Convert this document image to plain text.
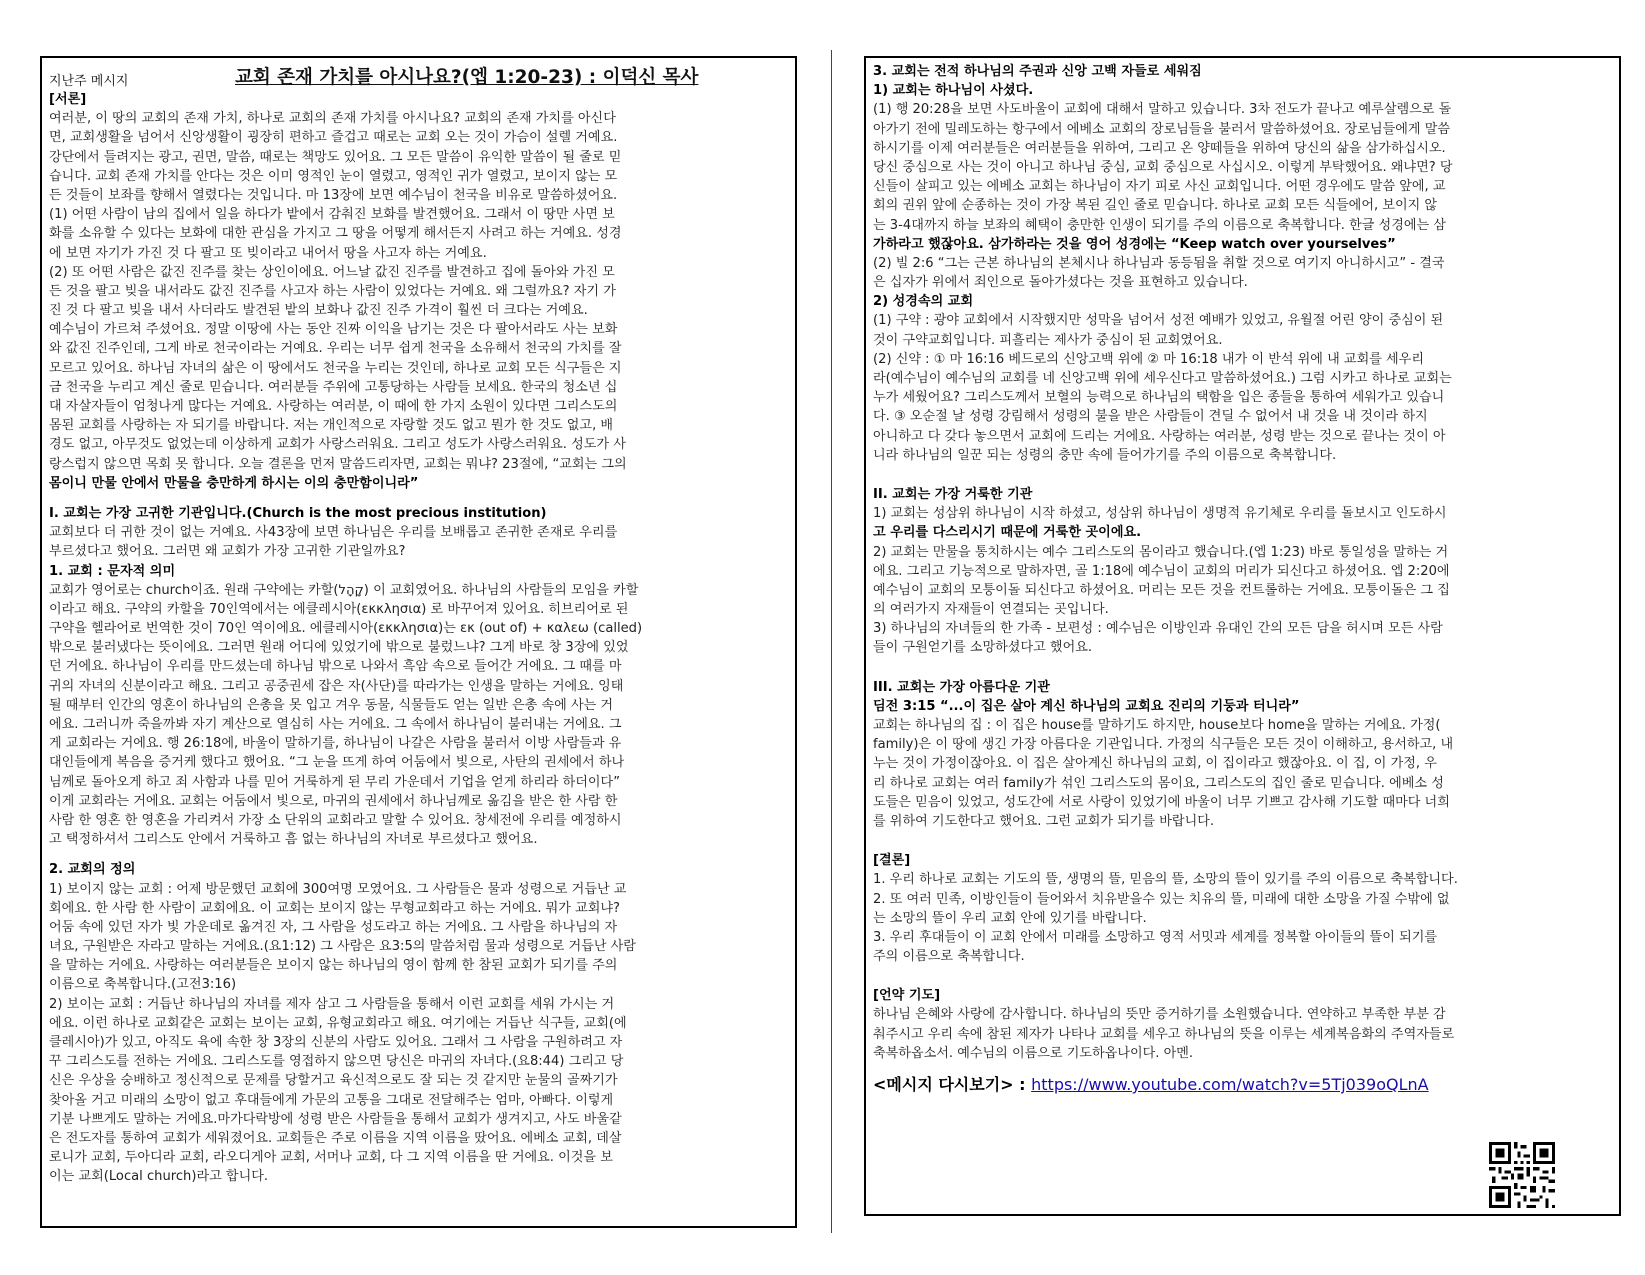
지난주 메시지	교회 존재 가치를 아시나요?(엡 1:20-23) : 이덕신 목사
[서론]
여러분, 이 땅의 교회의 존재 가치, 하나로 교회의 존재 가치를 아시나요? 교회의 존재 가치를 아신다
면, 교회생활을 넘어서 신앙생활이 굉장히 편하고 즐겁고 때로는 교회 오는 것이 가슴이 설렐 거예요.
강단에서 들려지는 광고, 권면, 말씀, 때로는 책망도 있어요. 그 모든 말씀이 유익한 말씀이 될 줄로 믿
습니다. 교회 존재 가치를 안다는 것은 이미 영적인 눈이 열렸고, 영적인 귀가 열렸고, 보이지 않는 모
든 것들이 보좌를 향해서 열렸다는 것입니다. 마 13장에 보면 예수님이 천국을 비유로 말씀하셨어요.
(1) 어떤 사람이 남의 집에서 일을 하다가 밭에서 감춰진 보화를 발견했어요. 그래서 이 땅만 사면 보
화를 소유할 수 있다는 보화에 대한 관심을 가지고 그 땅을 어떻게 해서든지 사려고 하는 거예요. 성경
에 보면 자기가 가진 것 다 팔고 또 빚이라고 내어서 땅을 사고자 하는 거예요.
(2) 또 어떤 사람은 값진 진주를 찾는 상인이에요. 어느날 값진 진주를 발견하고 집에 돌아와 가진 모
든 것을 팔고 빚을 내서라도 값진 진주를 사고자 하는 사람이 있었다는 거예요. 왜 그럴까요? 자기 가
진 것 다 팔고 빚을 내서 사더라도 발견된 밭의 보화나 값진 진주 가격이 훨씬 더 크다는 거예요.
예수님이 가르쳐 주셨어요. 정말 이땅에 사는 동안 진짜 이익을 남기는 것은 다 팔아서라도 사는 보화
와 값진 진주인데, 그게 바로 천국이라는 거예요. 우리는 너무 쉽게 천국을 소유해서 천국의 가치를 잘
모르고 있어요. 하나님 자녀의 삶은 이 땅에서도 천국을 누리는 것인데, 하나로 교회 모든 식구들은 지
금 천국을 누리고 계신 줄로 믿습니다. 여러분들 주위에 고통당하는 사람들 보세요. 한국의 청소년 십
대 자살자들이 엄청나게 많다는 거예요. 사랑하는 여러분, 이 때에 한 가지 소원이 있다면 그리스도의
몸된 교회를 사랑하는 자 되기를 바랍니다. 저는 개인적으로 자랑할 것도 없고 뭔가 한 것도 없고, 배
경도 없고, 아무것도 없었는데 이상하게 교회가 사랑스러워요. 그리고 성도가 사랑스러워요. 성도가 사
랑스럽지 않으면 목회 못 합니다. 오늘 결론을 먼저 말씀드리자면, 교회는 뭐냐? 23절에, “교회는 그의
몸이니 만물 안에서 만물을 충만하게 하시는 이의 충만함이니라”
Ⅰ. 교회는 가장 고귀한 기관입니다.(Church is the most precious institution)
교회보다 더 귀한 것이 없는 거예요. 사43장에 보면 하나님은 우리를 보배롭고 존귀한 존재로 우리를
부르셨다고 했어요. 그러면 왜 교회가 가장 고귀한 기관일까요?
1. 교회 : 문자적 의미
교회가 영어로는 church이죠. 원래 구약에는 카할(קָהָל) 이 교회였어요. 하나님의 사람들의 모임을 카할
이라고 해요. 구약의 카할을 70인역에서는 에클레시아(εκκλησια) 로 바꾸어져 있어요. 히브리어로 된
구약을 헬라어로 번역한 것이 70인 역이에요. 에클레시아(εκκλησια)는 εκ (out of) + καλεω (called)
밖으로 불러냈다는 뜻이에요. 그러면 원래 어디에 있었기에 밖으로 불렀느냐? 그게 바로 창 3장에 있었
던 거에요. 하나님이 우리를 만드셨는데 하나님 밖으로 나와서 흑암 속으로 들어간 거에요. 그 때를 마
귀의 자녀의 신분이라고 해요. 그리고 공중권세 잡은 자(사단)를 따라가는 인생을 말하는 거에요. 잉태
될 때부터 인간의 영혼이 하나님의 은총을 못 입고 겨우 동물, 식물들도 얻는 일반 은총 속에 사는 거
에요. 그러니까 죽을까봐 자기 계산으로 열심히 사는 거에요. 그 속에서 하나님이 불러내는 거에요. 그
게 교회라는 거에요. 행 26:18에, 바울이 말하기를, 하나님이 나갈은 사람을 불러서 이방 사람들과 유
대인들에게 복음을 증거케 했다고 했어요. “그 눈을 뜨게 하여 어둠에서 빛으로, 사탄의 권세에서 하나
님께로 돌아오게 하고 죄 사함과 나를 믿어 거룩하게 된 무리 가운데서 기업을 얻게 하리라 하더이다”
이게 교회라는 거에요. 교회는 어둠에서 빛으로, 마귀의 권세에서 하나님께로 옮김을 받은 한 사람 한
사람 한 영혼 한 영혼을 가리켜서 가장 소 단위의 교회라고 말할 수 있어요. 창세전에 우리를 예정하시
고 택정하셔서 그리스도 안에서 거룩하고 흠 없는 하나님의 자녀로 부르셨다고 했어요.
2. 교회의 정의
1) 보이지 않는 교회 : 어제 방문했던 교회에 300여명 모였어요. 그 사람들은 물과 성령으로 거듭난 교
회에요. 한 사람 한 사람이 교회에요. 이 교회는 보이지 않는 무형교회라고 하는 거에요. 뭐가 교회냐?
어둠 속에 있던 자가 빛 가운데로 옮겨진 자, 그 사람을 성도라고 하는 거에요. 그 사람을 하나님의 자
녀요, 구원받은 자라고 말하는 거에요.(요1:12) 그 사람은 요3:5의 말씀처럼 물과 성령으로 거듭난 사람
을 말하는 거에요. 사랑하는 여러분들은 보이지 않는 하나님의 영이 함께 한 참된 교회가 되기를 주의
이름으로 축복합니다.(고전3:16)
2) 보이는 교회 : 거듭난 하나님의 자녀를 제자 삼고 그 사람들을 통해서 이런 교회를 세워 가시는 거
에요. 이런 하나로 교회같은 교회는 보이는 교회, 유형교회라고 해요. 여기에는 거듭난 식구들, 교회(에
클레시아)가 있고, 아직도 육에 속한 창 3장의 신분의 사람도 있어요. 그래서 그 사람을 구원하려고 자
꾸 그리스도를 전하는 거에요. 그리스도를 영접하지 않으면 당신은 마귀의 자녀다.(요8:44) 그리고 당
신은 우상을 숭배하고 정신적으로 문제를 당할거고 육신적으로도 잘 되는 것 같지만 눈물의 골짜기가
찾아올 거고 미래의 소망이 없고 후대들에게 가문의 고통을 그대로 전달해주는 엄마, 아빠다. 이렇게
기분 나쁘게도 말하는 거에요.마가다락방에 성령 받은 사람들을 통해서 교회가 생겨지고, 사도 바울같
은 전도자를 통하여 교회가 세워졌어요. 교회들은 주로 이름을 지역 이름을 땄어요. 에베소 교회, 데살
로니가 교회, 두아디라 교회, 라오디게아 교회, 서머나 교회, 다 그 지역 이름을 딴 거에요. 이것을 보
이는 교회(Local church)라고 합니다.
3. 교회는 전적 하나님의 주권과 신앙 고백 자들로 세워짐
1) 교회는 하나님이 사셨다.
(1) 행 20:28을 보면 사도바울이 교회에 대해서 말하고 있습니다. 3차 전도가 끝나고 예루살렘으로 돌
아가기 전에 밀레도하는 항구에서 에베소 교회의 장로님들을 불러서 말씀하셨어요. 장로님들에게 말씀
하시기를 이제 여러분들은 여러분들을 위하여, 그리고 온 양떼들을 위하여 당신의 삶을 삼가하십시오.
당신 중심으로 사는 것이 아니고 하나님 중심, 교회 중심으로 사십시오. 이렇게 부탁했어요. 왜냐면? 당
신들이 살피고 있는 에베소 교회는 하나님이 자기 피로 사신 교회입니다. 어떤 경우에도 말씀 앞에, 교
회의 권위 앞에 순종하는 것이 가장 복된 길인 줄로 믿습니다. 하나로 교회 모든 식들에어, 보이지 않
는 3-4대까지 하늘 보좌의 혜택이 충만한 인생이 되기를 주의 이름으로 축복합니다. 한글 성경에는 삼
가하라고 했잖아요. 삼가하라는 것을 영어 성경에는 “Keep watch over yourselves”
(2) 빌 2:6 “그는 근본 하나님의 본체시나 하나님과 동등됨을 취할 것으로 여기지 아니하시고” - 결국
은 십자가 위에서 죄인으로 돌아가셨다는 것을 표현하고 있습니다.
2) 성경속의 교회
(1) 구약 : 광야 교회에서 시작했지만 성막을 넘어서 성전 예배가 있었고, 유월절 어린 양이 중심이 된
것이 구약교회입니다. 피흘리는 제사가 중심이 된 교회였어요.
(2) 신약 : ① 마 16:16 베드로의 신앙고백 위에 ② 마 16:18 내가 이 반석 위에 내 교회를 세우리
라(예수님이 예수님의 교회를 네 신앙고백 위에 세우신다고 말씀하셨어요.) 그럼 시카고 하나로 교회는
누가 세웠어요? 그리스도께서 보혈의 능력으로 하나님의 택함을 입은 종들을 통하여 세워가고 있습니
다. ③ 오순절 날 성령 강림해서 성령의 불을 받은 사람들이 견딜 수 없어서 내 것을 내 것이라 하지
아니하고 다 갖다 놓으면서 교회에 드리는 거에요. 사랑하는 여러분, 성령 받는 것으로 끝나는 것이 아
니라 하나님의 일꾼 되는 성령의 충만 속에 들어가기를 주의 이름으로 축복합니다.
II. 교회는 가장 거룩한 기관
1) 교회는 성삼위 하나님이 시작 하셨고, 성삼위 하나님이 생명적 유기체로 우리를 돌보시고 인도하시
고 우리를 다스리시기 때문에 거룩한 곳이에요.
2) 교회는 만물을 통치하시는 예수 그리스도의 몸이라고 했습니다.(엡 1:23) 바로 통일성을 말하는 거
에요. 그리고 기능적으로 말하자면, 골 1:18에 예수님이 교회의 머리가 되신다고 하셨어요. 엡 2:20에
예수님이 교회의 모퉁이돌 되신다고 하셨어요. 머리는 모든 것을 컨트롤하는 거에요. 모퉁이돌은 그 집
의 여러가지 자재들이 연결되는 곳입니다.
3) 하나님의 자녀들의 한 가족 - 보편성 : 예수님은 이방인과 유대인 간의 모든 담을 허시며 모든 사람
들이 구원얻기를 소망하셨다고 했어요.
III. 교회는 가장 아름다운 기관
딤전 3:15 “...이 집은 살아 계신 하나님의 교회요 진리의 기둥과 터니라”
교회는 하나님의 집 : 이 집은 house를 말하기도 하지만, house보다 home을 말하는 거에요. 가정(
family)은 이 땅에 생긴 가장 아름다운 기관입니다. 가정의 식구들은 모든 것이 이해하고, 용서하고, 내
누는 것이 가정이잖아요. 이 집은 살아계신 하나님의 교회, 이 집이라고 했잖아요. 이 집, 이 가정, 우
리 하나로 교회는 여러 family가 섞인 그리스도의 몸이요, 그리스도의 집인 줄로 믿습니다. 에베소 성
도들은 믿음이 있었고, 성도간에 서로 사랑이 있었기에 바울이 너무 기쁘고 감사해 기도할 때마다 너희
를 위하여 기도한다고 했어요. 그런 교회가 되기를 바랍니다.
[결론]
1. 우리 하나로 교회는 기도의 뜰, 생명의 뜰, 믿음의 뜰, 소망의 뜰이 있기를 주의 이름으로 축복합니다.
2. 또 여러 민족, 이방인들이 들어와서 치유받을수 있는 치유의 뜰, 미래에 대한 소망을 가질 수밖에 없
는 소망의 뜰이 우리 교회 안에 있기를 바랍니다.
3. 우리 후대들이 이 교회 안에서 미래를 소망하고 영적 서밋과 세계를 정복할 아이들의 뜰이 되기를
주의 이름으로 축복합니다.
[언약 기도]
하나님 은혜와 사랑에 감사합니다. 하나님의 뜻만 증거하기를 소원했습니다. 연약하고 부족한 부분 감
춰주시고 우리 속에 참된 제자가 나타나 교회를 세우고 하나님의 뜻을 이루는 세계복음화의 주역자들로
축복하옵소서. 예수님의 이름으로 기도하옵나이다. 아멘.
<메시지 다시보기> : https://www.youtube.com/watch?v=5Tj039oQLnA
